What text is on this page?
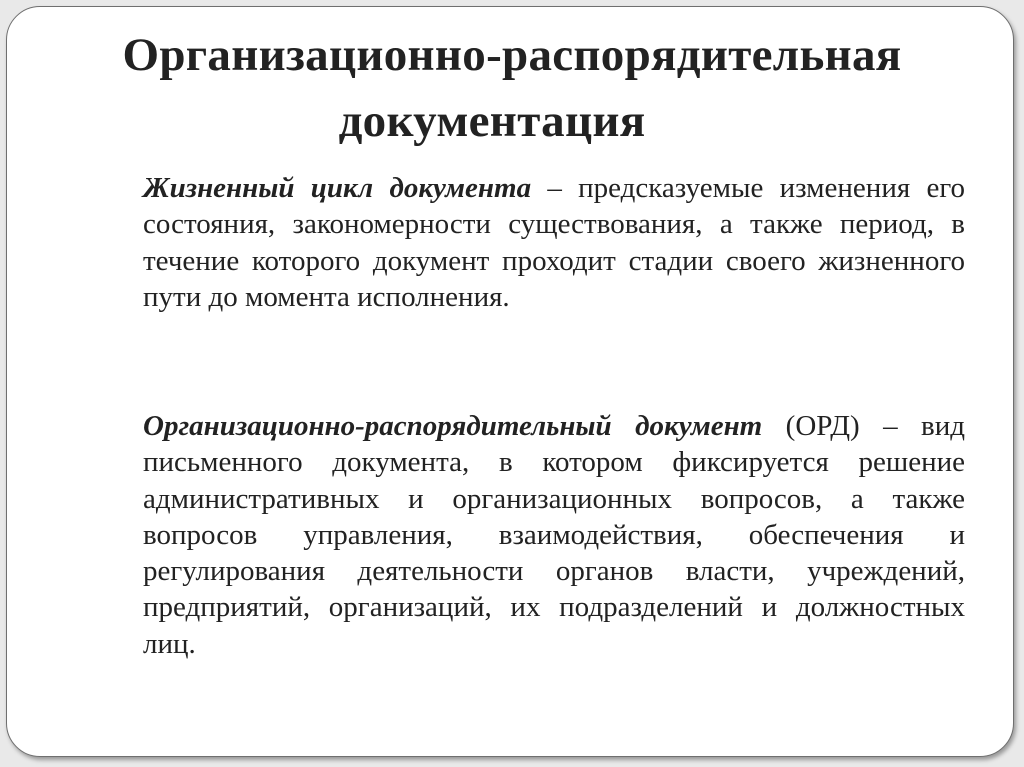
Организационно-распорядительная
документация

Жизненный цикл документа – предсказуемые изменения его состояния, закономерности существования, а также период, в течение которого документ проходит стадии своего жизненного пути до момента исполнения.

Организационно-распорядительный документ (ОРД) – вид письменного документа, в котором фиксируется решение административных и организационных вопросов, а также вопросов управления, взаимодействия, обеспечения и регулирования деятельности органов власти, учреждений, предприятий, организаций, их подразделений и должностных лиц.
